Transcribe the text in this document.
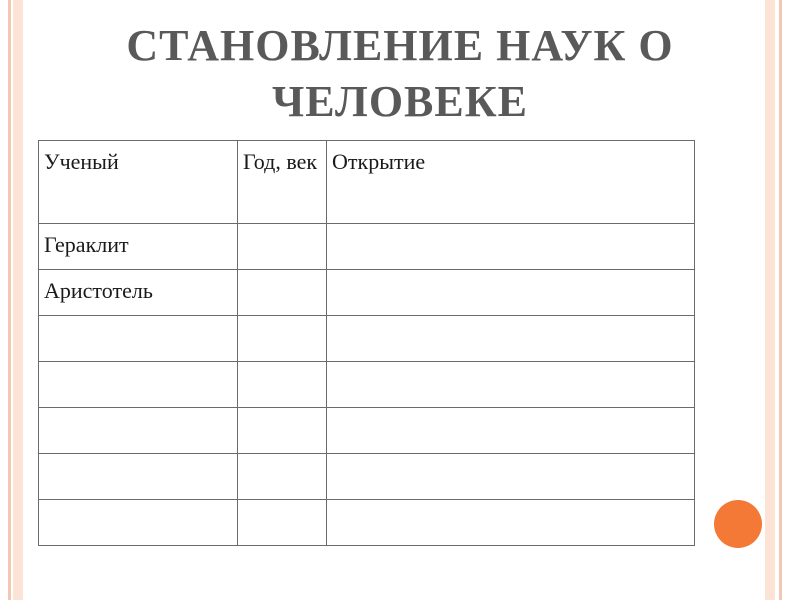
СТАНОВЛЕНИЕ НАУК О ЧЕЛОВЕКЕ
Ученый	Год, век	Открытие
Гераклит		
Аристотель		
